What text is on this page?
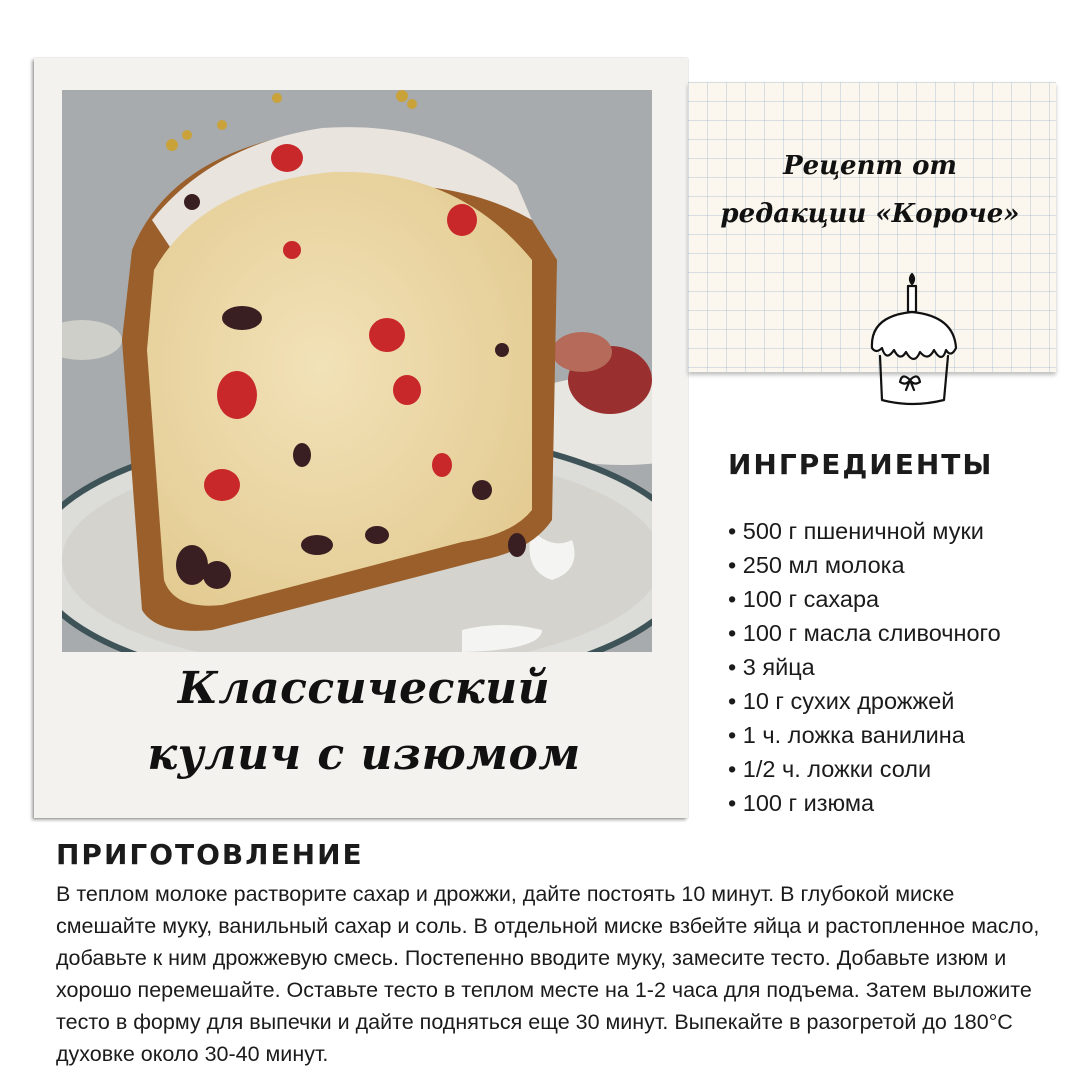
Классический кулич с изюмом

Рецепт от редакции «Короче»

ИНГРЕДИЕНТЫ
• 500 г пшеничной муки
• 250 мл молока
• 100 г сахара
• 100 г масла сливочного
• 3 яйца
• 10 г сухих дрожжей
• 1 ч. ложка ванилина
• 1/2 ч. ложки соли
• 100 г изюма
ПРИГОТОВЛЕНИЕ

В теплом молоке растворите сахар и дрожжи, дайте постоять 10 минут. В глубокой миске смешайте муку, ванильный сахар и соль. В отдельной миске взбейте яйца и растопленное масло, добавьте к ним дрожжевую смесь. Постепенно вводите муку, замесите тесто. Добавьте изюм и хорошо перемешайте. Оставьте тесто в теплом месте на 1-2 часа для подъема. Затем выложите тесто в форму для выпечки и дайте подняться еще 30 минут. Выпекайте в разогретой до 180°C духовке около 30-40 минут.
